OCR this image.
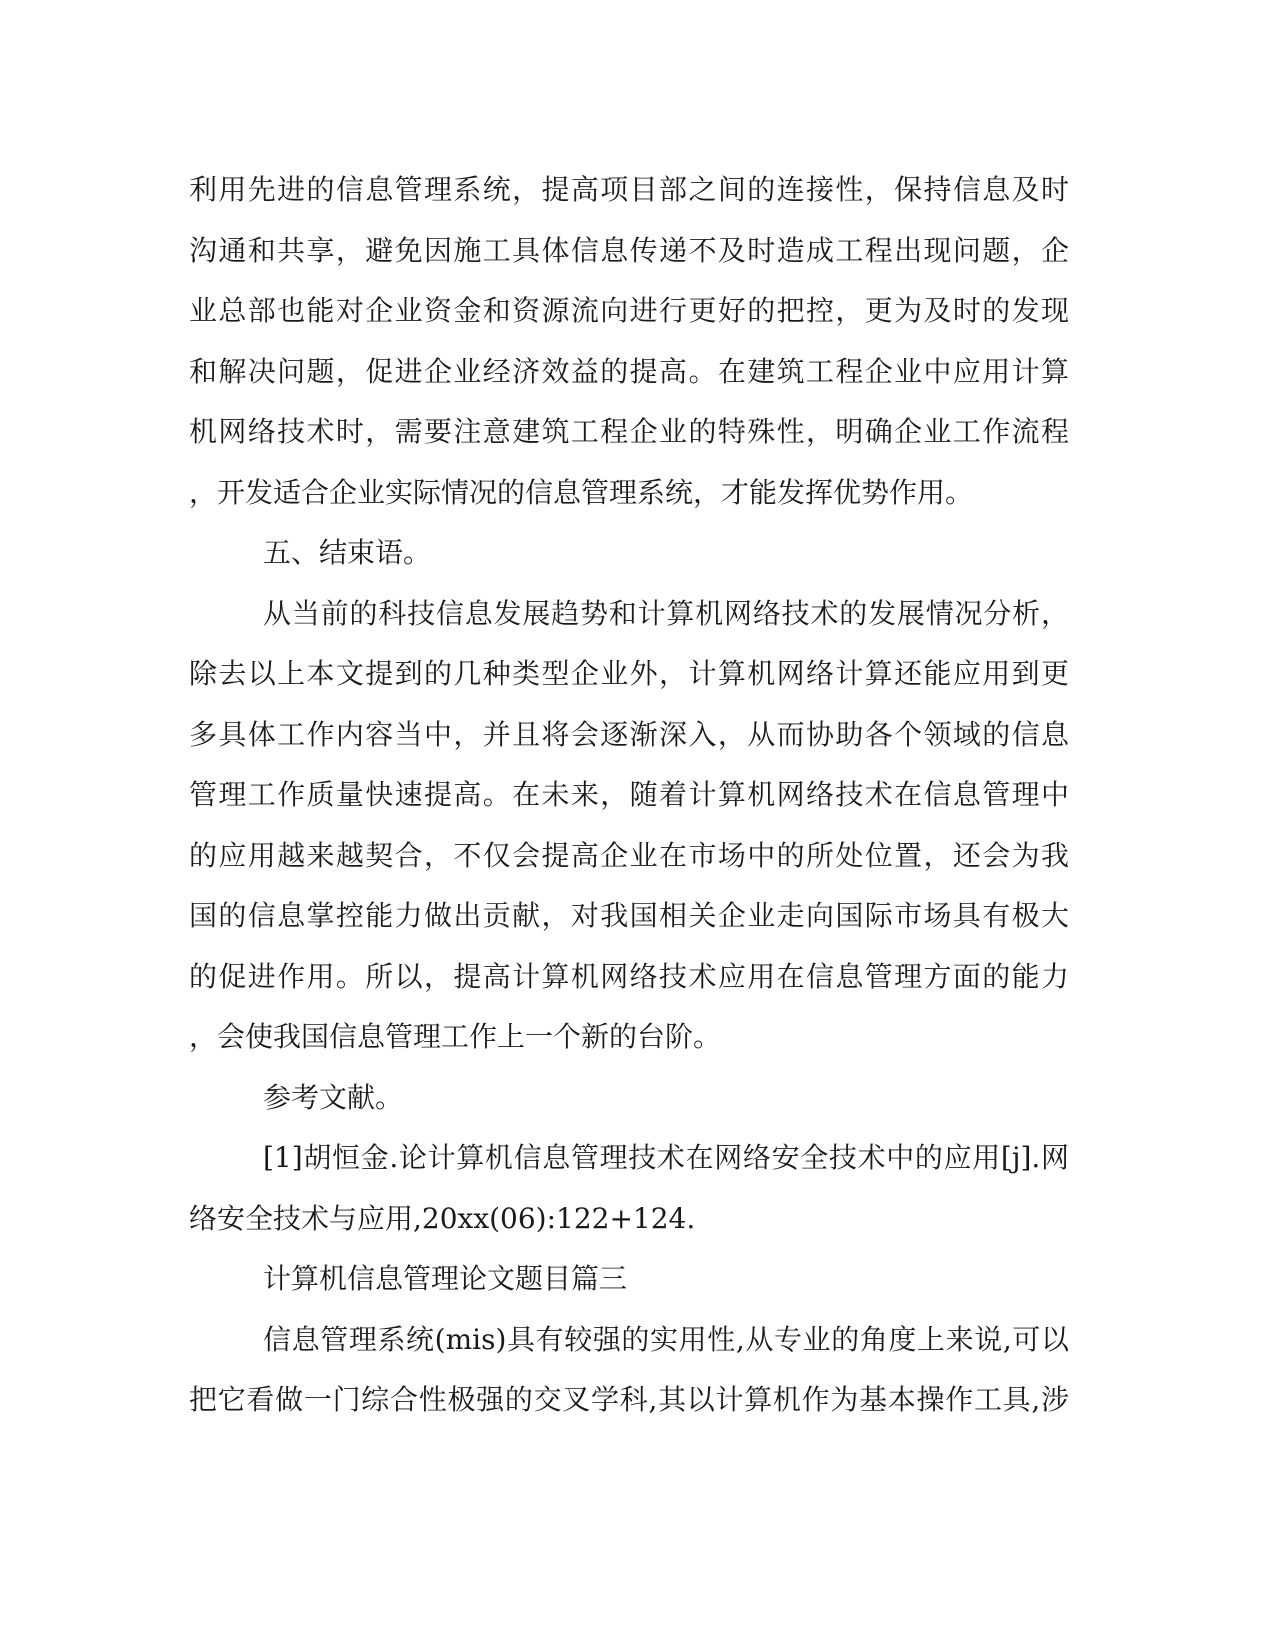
利用先进的信息管理系统，提高项目部之间的连接性，保持信息及时
沟通和共享，避免因施工具体信息传递不及时造成工程出现问题，企
业总部也能对企业资金和资源流向进行更好的把控，更为及时的发现
和解决问题，促进企业经济效益的提高。在建筑工程企业中应用计算
机网络技术时，需要注意建筑工程企业的特殊性，明确企业工作流程
，开发适合企业实际情况的信息管理系统，才能发挥优势作用。
五、结束语。
从当前的科技信息发展趋势和计算机网络技术的发展情况分析，
除去以上本文提到的几种类型企业外，计算机网络计算还能应用到更
多具体工作内容当中，并且将会逐渐深入，从而协助各个领域的信息
管理工作质量快速提高。在未来，随着计算机网络技术在信息管理中
的应用越来越契合，不仅会提高企业在市场中的所处位置，还会为我
国的信息掌控能力做出贡献，对我国相关企业走向国际市场具有极大
的促进作用。所以，提高计算机网络技术应用在信息管理方面的能力
，会使我国信息管理工作上一个新的台阶。
参考文献。
[1]胡恒金.论计算机信息管理技术在网络安全技术中的应用[j].网
络安全技术与应用,20xx(06):122+124.
计算机信息管理论文题目篇三
信息管理系统(mis)具有较强的实用性,从专业的角度上来说,可以
把它看做一门综合性极强的交叉学科,其以计算机作为基本操作工具,涉
